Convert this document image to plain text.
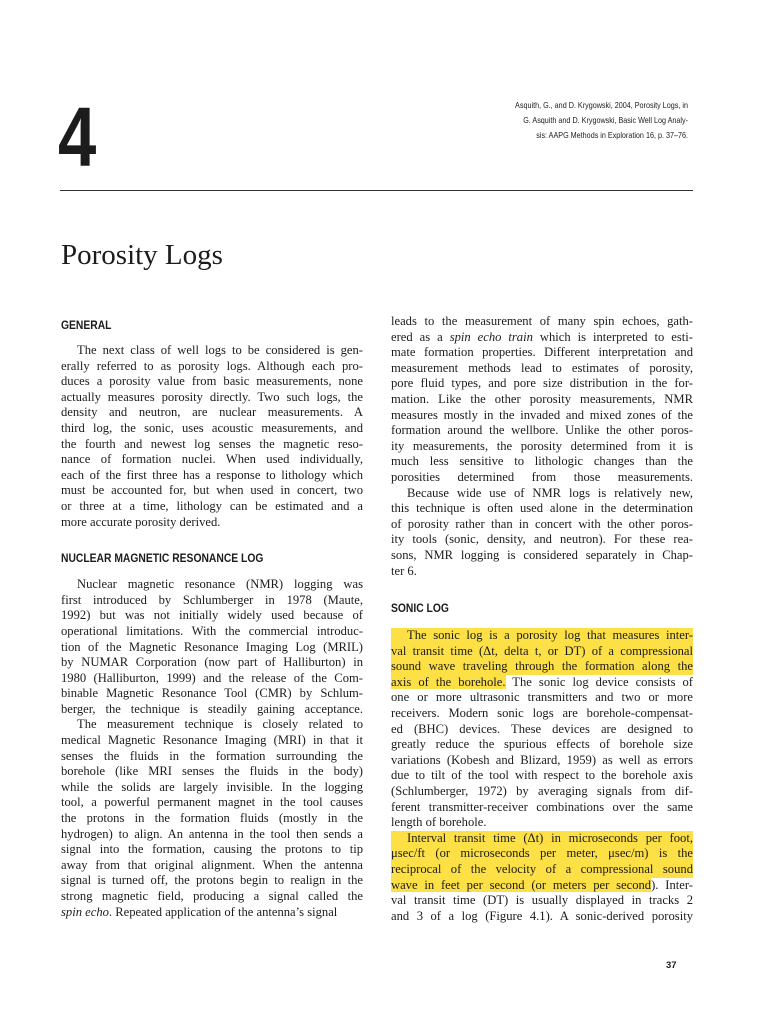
4	Asquith, G., and D. Krygowski, 2004, Porosity Logs, in
G. Asquith and D. Krygowski, Basic Well Log Analy-
sis: AAPG Methods in Exploration 16, p. 37–76.
Porosity Logs
GENERAL
The next class of well logs to be considered is gen-
erally referred to as porosity logs. Although each pro-
duces a porosity value from basic measurements, none
actually measures porosity directly. Two such logs, the
density and neutron, are nuclear measurements. A
third log, the sonic, uses acoustic measurements, and
the fourth and newest log senses the magnetic reso-
nance of formation nuclei. When used individually,
each of the first three has a response to lithology which
must be accounted for, but when used in concert, two
or three at a time, lithology can be estimated and a
more accurate porosity derived.
NUCLEAR MAGNETIC RESONANCE LOG
Nuclear magnetic resonance (NMR) logging was
first introduced by Schlumberger in 1978 (Maute,
1992) but was not initially widely used because of
operational limitations. With the commercial introduc-
tion of the Magnetic Resonance Imaging Log (MRIL)
by NUMAR Corporation (now part of Halliburton) in
1980 (Halliburton, 1999) and the release of the Com-
binable Magnetic Resonance Tool (CMR) by Schlum-
berger, the technique is steadily gaining acceptance.
The measurement technique is closely related to
medical Magnetic Resonance Imaging (MRI) in that it
senses the fluids in the formation surrounding the
borehole (like MRI senses the fluids in the body)
while the solids are largely invisible. In the logging
tool, a powerful permanent magnet in the tool causes
the protons in the formation fluids (mostly in the
hydrogen) to align. An antenna in the tool then sends a
signal into the formation, causing the protons to tip
away from that original alignment. When the antenna
signal is turned off, the protons begin to realign in the
strong magnetic field, producing a signal called the
spin echo. Repeated application of the antenna’s signal
leads to the measurement of many spin echoes, gath-
ered as a spin echo train which is interpreted to esti-
mate formation properties. Different interpretation and
measurement methods lead to estimates of porosity,
pore fluid types, and pore size distribution in the for-
mation. Like the other porosity measurements, NMR
measures mostly in the invaded and mixed zones of the
formation around the wellbore. Unlike the other poros-
ity measurements, the porosity determined from it is
much less sensitive to lithologic changes than the
porosities determined from those measurements.
Because wide use of NMR logs is relatively new,
this technique is often used alone in the determination
of porosity rather than in concert with the other poros-
ity tools (sonic, density, and neutron). For these rea-
sons, NMR logging is considered separately in Chap-
ter 6.
SONIC LOG
The sonic log is a porosity log that measures inter-
val transit time (Δt, delta t, or DT) of a compressional
sound wave traveling through the formation along the
axis of the borehole. The sonic log device consists of
one or more ultrasonic transmitters and two or more
receivers. Modern sonic logs are borehole-compensat-
ed (BHC) devices. These devices are designed to
greatly reduce the spurious effects of borehole size
variations (Kobesh and Blizard, 1959) as well as errors
due to tilt of the tool with respect to the borehole axis
(Schlumberger, 1972) by averaging signals from dif-
ferent transmitter-receiver combinations over the same
length of borehole.
Interval transit time (Δt) in microseconds per foot,
μsec/ft (or microseconds per meter, μsec/m) is the
reciprocal of the velocity of a compressional sound
wave in feet per second (or meters per second). Inter-
val transit time (DT) is usually displayed in tracks 2
and 3 of a log (Figure 4.1). A sonic-derived porosity
37
